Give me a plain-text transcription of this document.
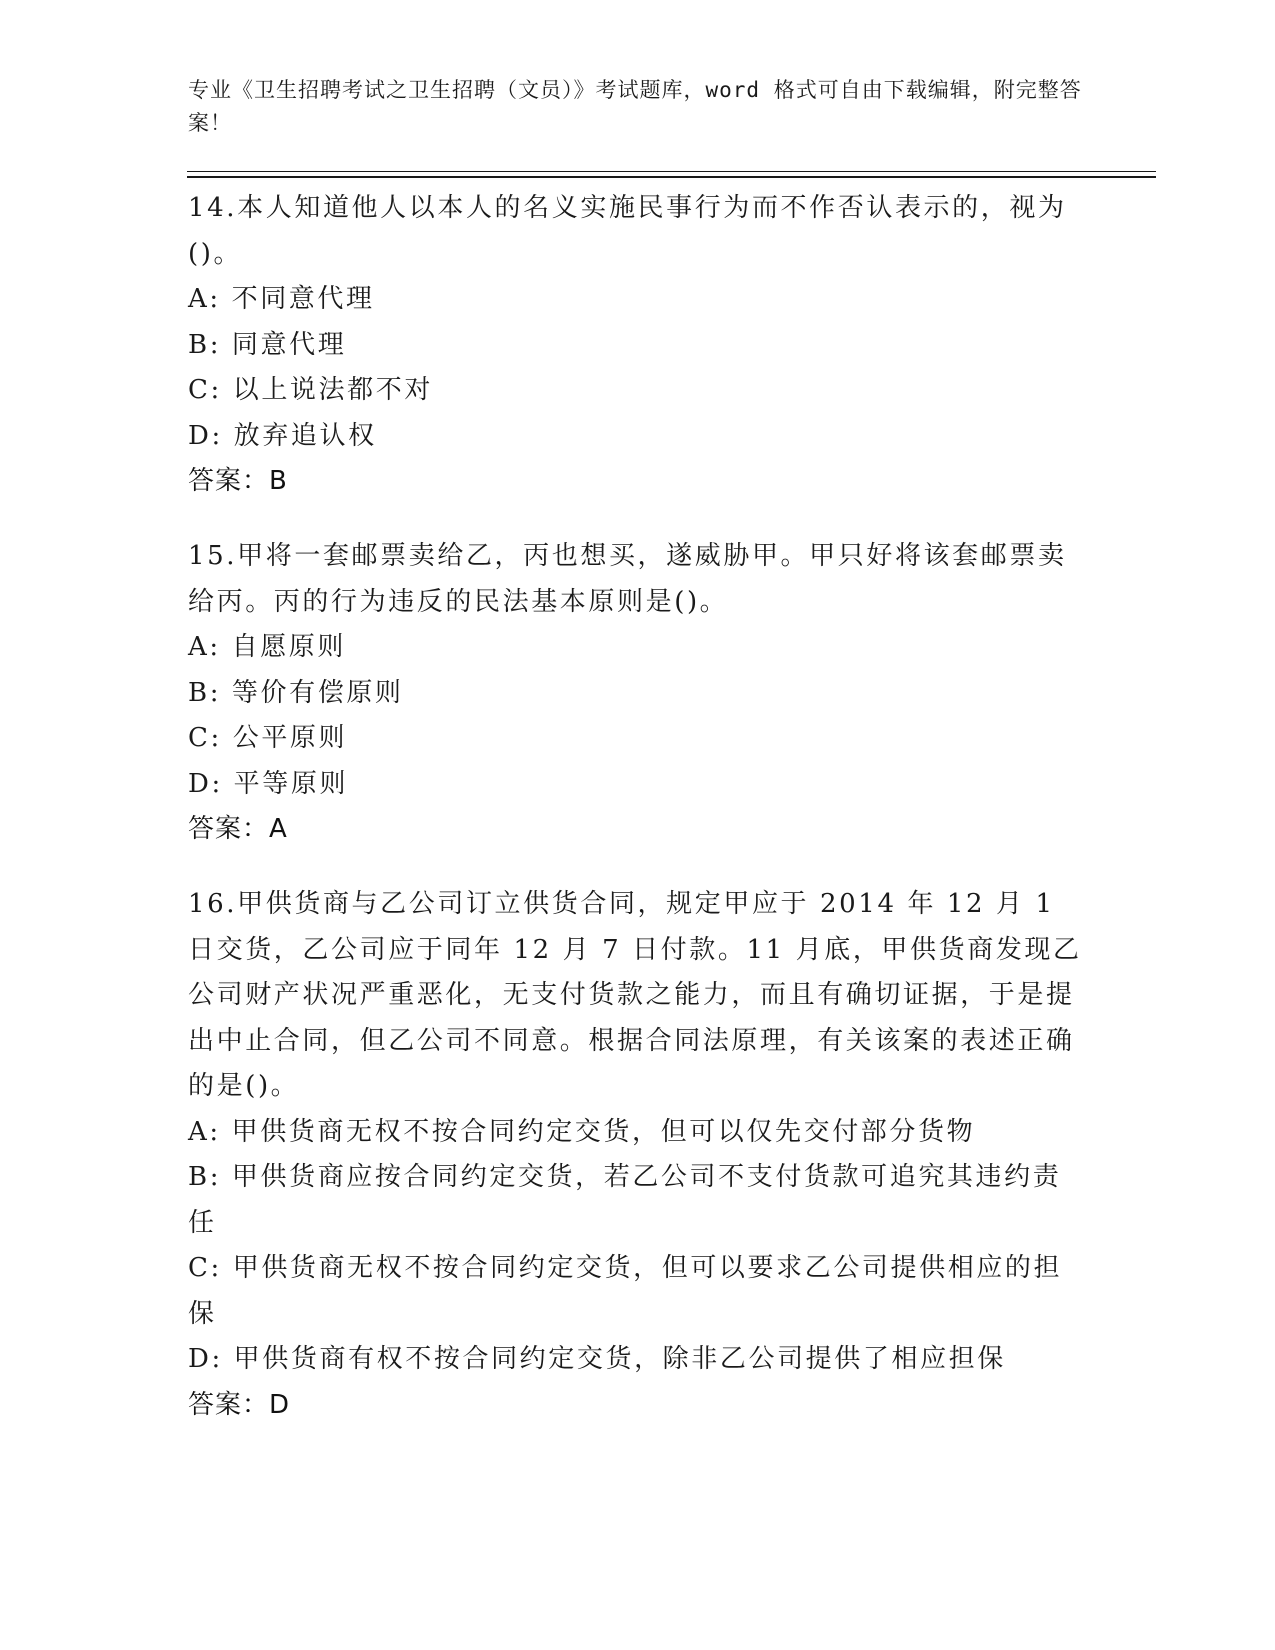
专业《卫生招聘考试之卫生招聘（文员）》考试题库，word 格式可自由下载编辑，附完整答案！

14.本人知道他人以本人的名义实施民事行为而不作否认表示的，视为()。

A: 不同意代理

B: 同意代理

C: 以上说法都不对

D: 放弃追认权

答案：B

15.甲将一套邮票卖给乙，丙也想买，遂威胁甲。甲只好将该套邮票卖给丙。丙的行为违反的民法基本原则是()。

A: 自愿原则

B: 等价有偿原则

C: 公平原则

D: 平等原则

答案：A

16.甲供货商与乙公司订立供货合同，规定甲应于 2014 年 12 月 1 日交货，乙公司应于同年 12 月 7 日付款。11 月底，甲供货商发现乙公司财产状况严重恶化，无支付货款之能力，而且有确切证据，于是提出中止合同，但乙公司不同意。根据合同法原理，有关该案的表述正确的是()。

A: 甲供货商无权不按合同约定交货，但可以仅先交付部分货物

B: 甲供货商应按合同约定交货，若乙公司不支付货款可追究其违约责任

C: 甲供货商无权不按合同约定交货，但可以要求乙公司提供相应的担保

D: 甲供货商有权不按合同约定交货，除非乙公司提供了相应担保

答案：D
